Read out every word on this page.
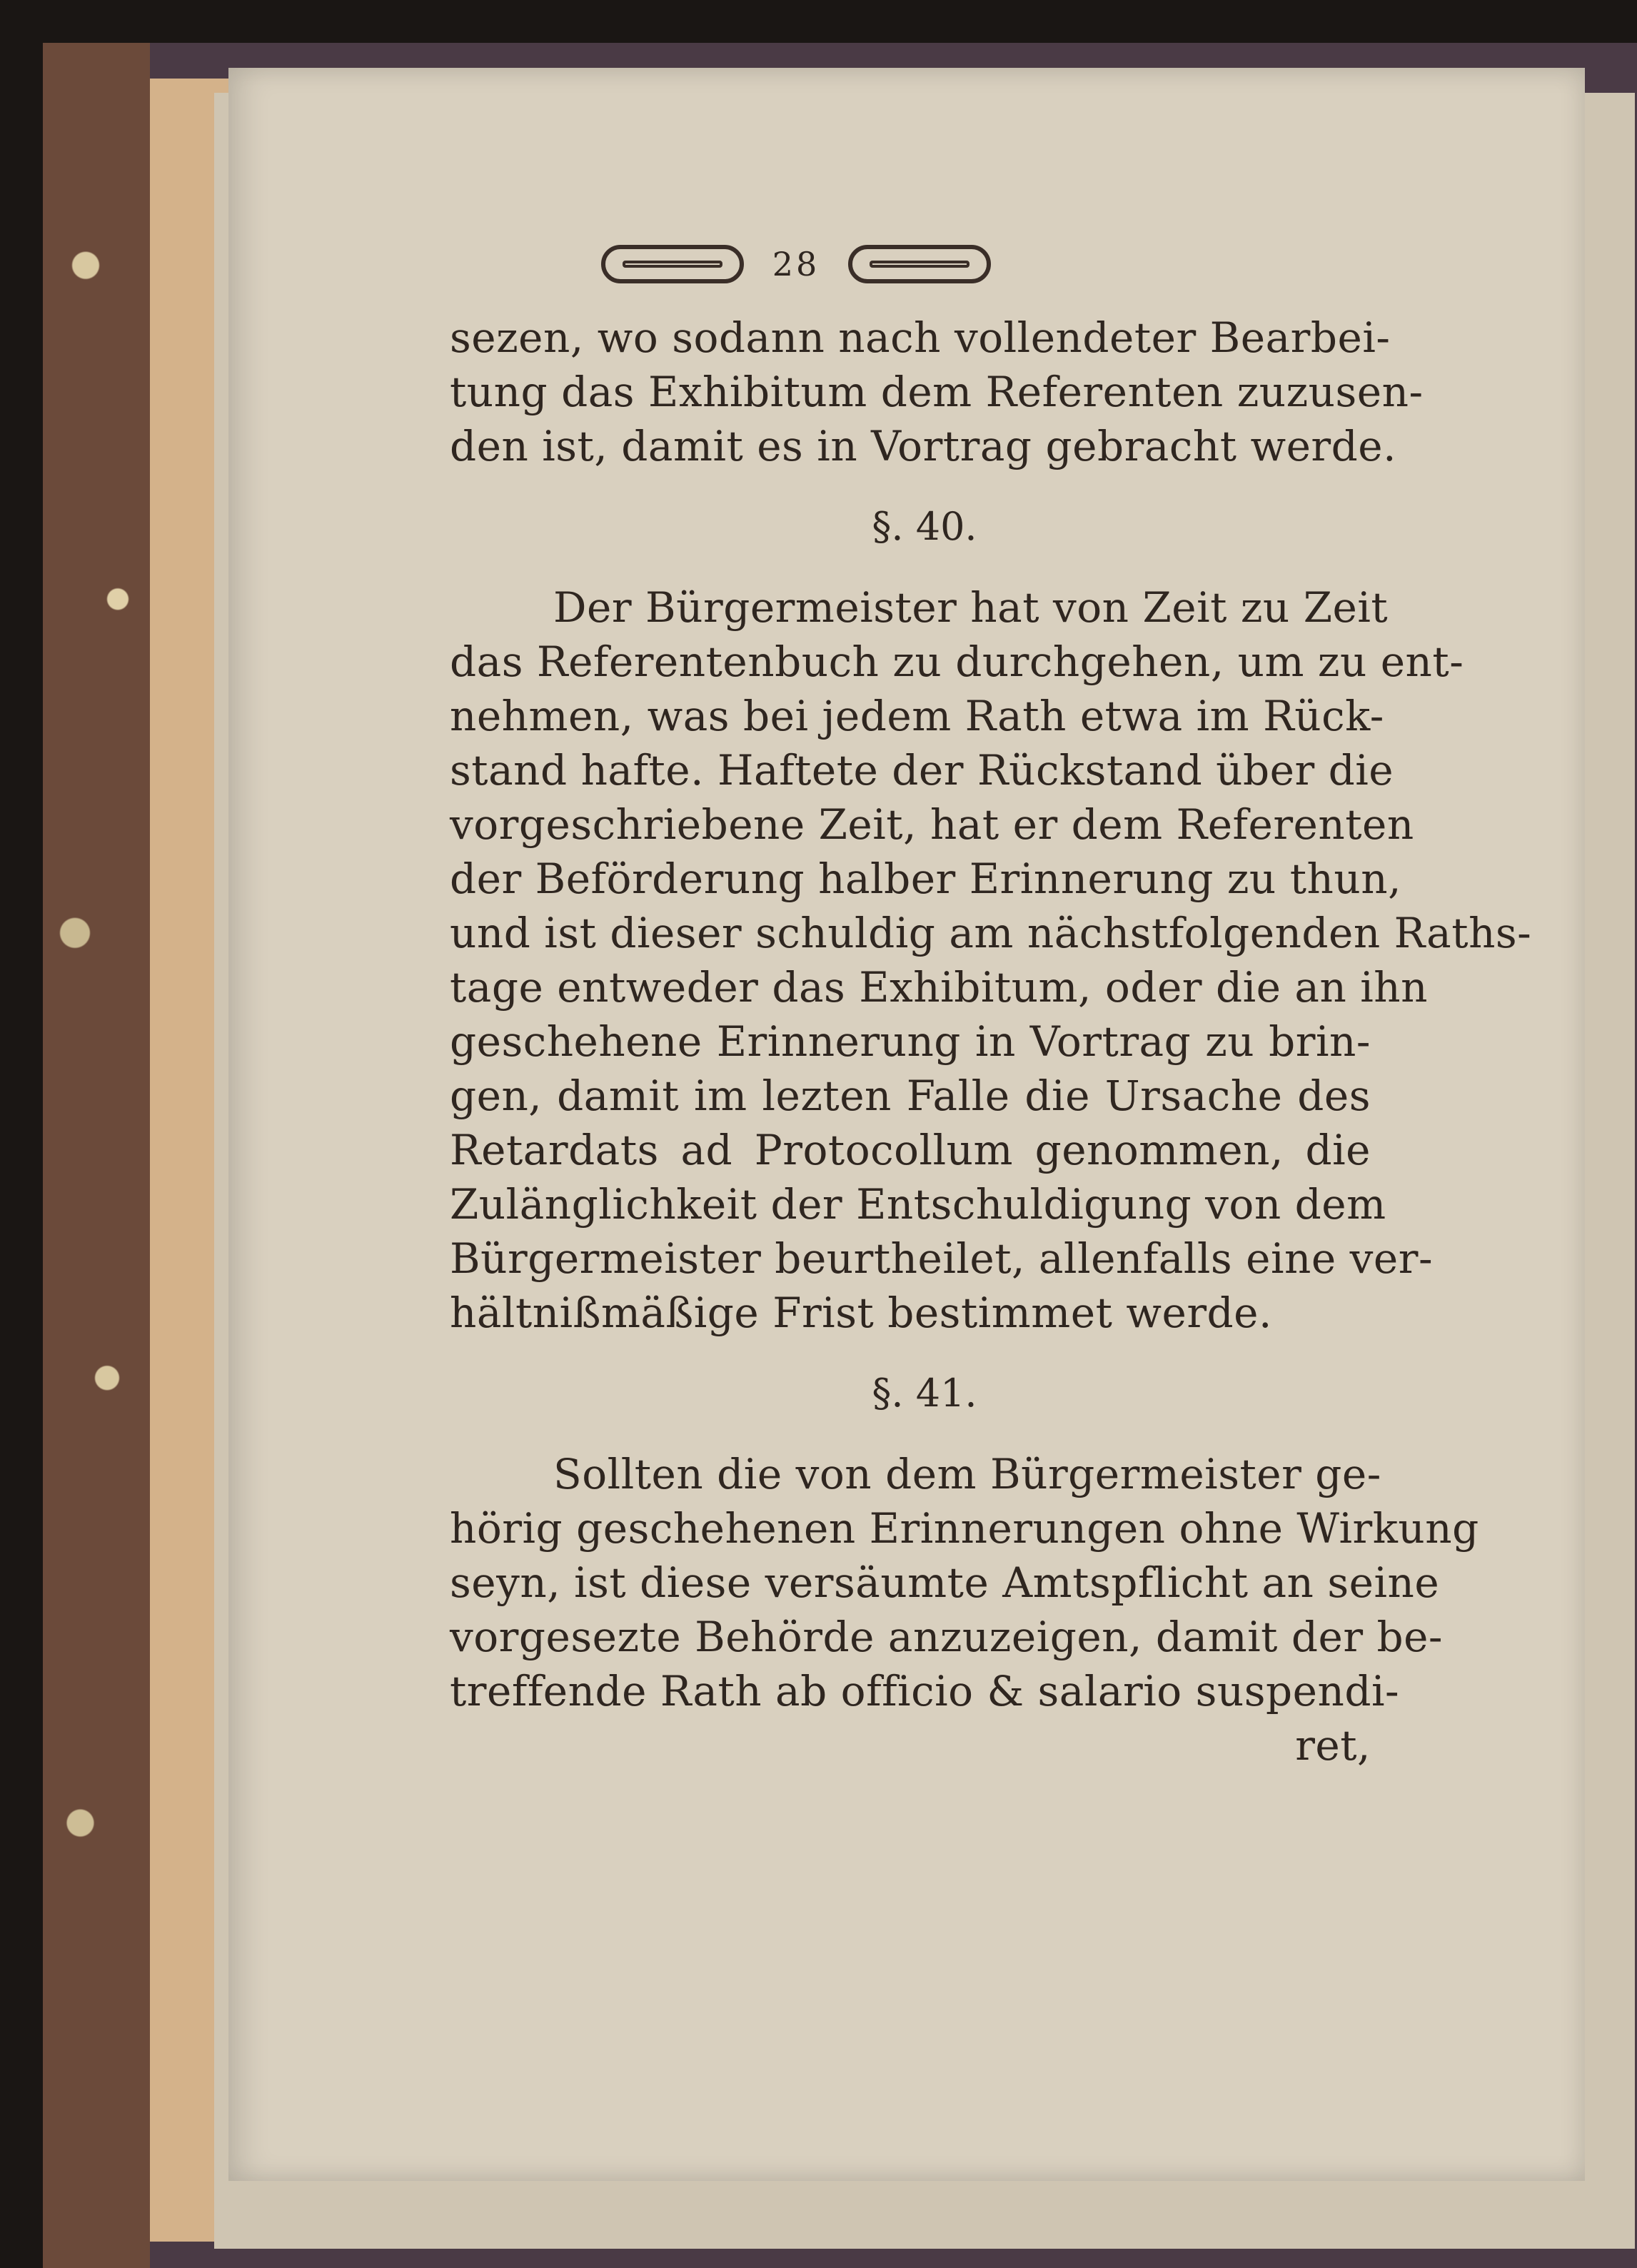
28
sezen, wo sodann nach vollendeter Bearbei-
tung das Exhibitum dem Referenten zuzusen-
den ist, damit es in Vortrag gebracht werde.
§. 40.
Der Bürgermeister hat von Zeit zu Zeit
das Referentenbuch zu durchgehen, um zu ent-
nehmen, was bei jedem Rath etwa im Rück-
stand hafte. Haftete der Rückstand über die
vorgeschriebene Zeit, hat er dem Referenten
der Beförderung halber Erinnerung zu thun,
und ist dieser schuldig am nächstfolgenden Raths-
tage entweder das Exhibitum, oder die an ihn
geschehene Erinnerung in Vortrag zu brin-
gen, damit im lezten Falle die Ursache des
Retardats ad Protocollum genommen, die
Zulänglichkeit der Entschuldigung von dem
Bürgermeister beurtheilet, allenfalls eine ver-
hältnißmäßige Frist bestimmet werde.
§. 41.
Sollten die von dem Bürgermeister ge-
hörig geschehenen Erinnerungen ohne Wirkung
seyn, ist diese versäumte Amtspflicht an seine
vorgesezte Behörde anzuzeigen, damit der be-
treffende Rath ab officio & salario suspendi-
ret,
